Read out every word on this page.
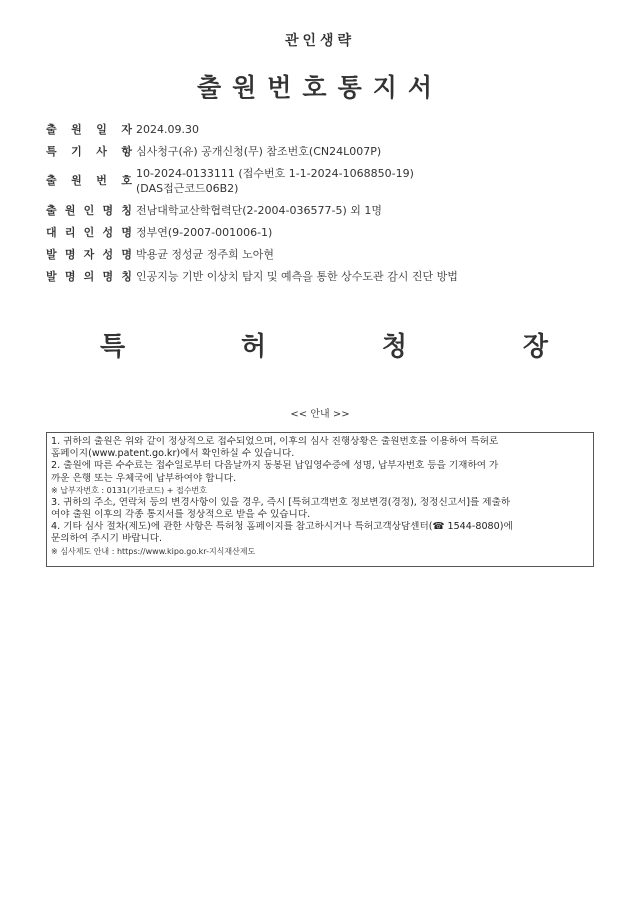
관인생략
출원번호통지서
출 원 일 자 2024.09.30
특 기 사 항 심사청구(유) 공개신청(무) 참조번호(CN24L007P)
출 원 번 호
10-2024-0133111 (접수번호 1-1-2024-1068850-19)
(DAS접근코드06B2)
출 원 인 명 칭 전남대학교산학협력단(2-2004-036577-5) 외 1명
대 리 인 성 명 정부연(9-2007-001006-1)
발 명 자 성 명 박용균 정성균 정주희 노아현
발 명 의 명 칭 인공지능 기반 이상치 탐지 및 예측을 통한 상수도관 감시 진단 방법
특	허	청	장
<< 안내 >>
1. 귀하의 출원은 위와 같이 정상적으로 접수되었으며, 이후의 심사 진행상황은 출원번호를 이용하여 특허로
홈페이지(www.patent.go.kr)에서 확인하실 수 있습니다.
2. 출원에 따른 수수료는 접수일로부터 다음날까지 동봉된 납입영수증에 성명, 납부자번호 등을 기재하여 가
까운 은행 또는 우체국에 납부하여야 합니다.
※ 납부자번호 : 0131(기관코드) + 접수번호
3. 귀하의 주소, 연락처 등의 변경사항이 있을 경우, 즉시 [특허고객번호 정보변경(경정), 정정신고서]를 제출하
여야 출원 이후의 각종 통지서를 정상적으로 받을 수 있습니다.
4. 기타 심사 절차(제도)에 관한 사항은 특허청 홈페이지를 참고하시거나 특허고객상담센터(☎ 1544-8080)에
문의하여 주시기 바랍니다.
※ 심사제도 안내 : https://www.kipo.go.kr-지식재산제도
